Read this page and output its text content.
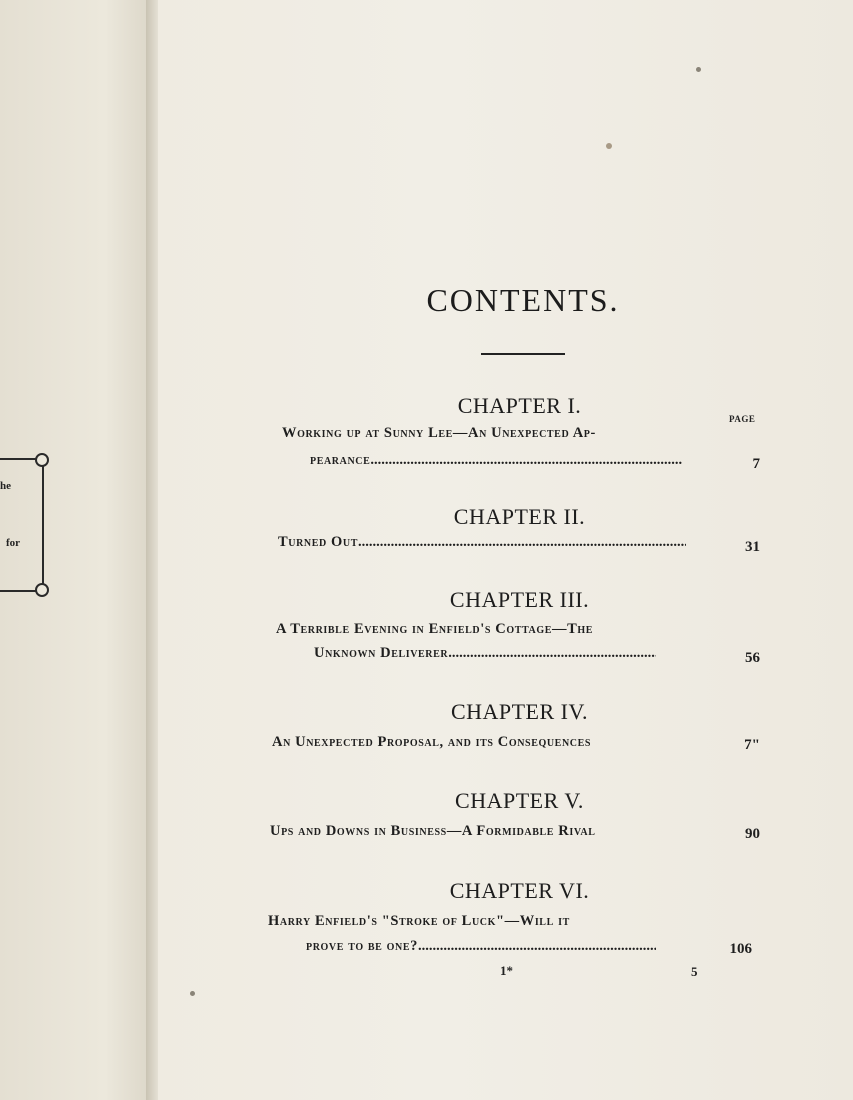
he
for
CONTENTS.
PAGE
CHAPTER I.
Working up at Sunny Lee—An Unexpected Ap-
pearance .....	7
CHAPTER II.
Turned Out .....	31
CHAPTER III.
A Terrible Evening in Enfield's Cottage—The
Unknown Deliverer .....	56
CHAPTER IV.
An Unexpected Proposal, and its Consequences	7"
CHAPTER V.
Ups and Downs in Business—A Formidable Rival	90
CHAPTER VI.
Harry Enfield's "Stroke of Luck"—Will it
prove to be one? .....	106
1*	5
